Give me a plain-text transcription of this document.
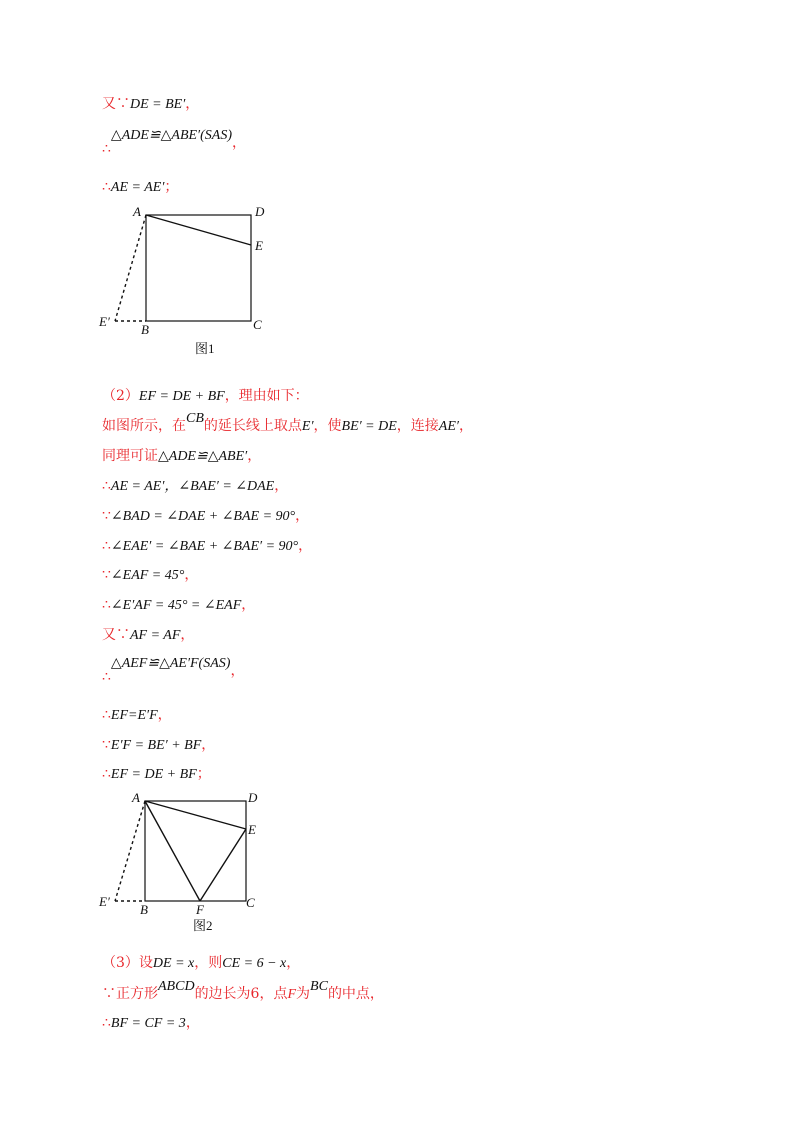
又∵DE = BE′，
∴△ADE≌△ABE′(SAS)，
∴AE = AE′；
A	D
E
E′
B	C
图1
（2）EF = DE + BF，理由如下：
如图所示，在CB的延长线上取点E′，使BE′ = DE，连接AE′，
同理可证△ADE≌△ABE′，
∴AE = AE′，∠BAE′ = ∠DAE，
∵∠BAD = ∠DAE + ∠BAE = 90°，
∴∠EAE′ = ∠BAE + ∠BAE′ = 90°，
∵∠EAF = 45°，
∴∠E′AF = 45° = ∠EAF，
又∵AF = AF，
∴△AEF≌△AE′F(SAS)，
∴EF=E′F，
∵E′F = BE′ + BF，
∴EF = DE + BF；
A	D
E
E′
B	F	C
图2
（3）设DE = x，则CE = 6 − x，
∵正方形ABCD的边长为6，点F为BC的中点，
∴BF = CF = 3，
